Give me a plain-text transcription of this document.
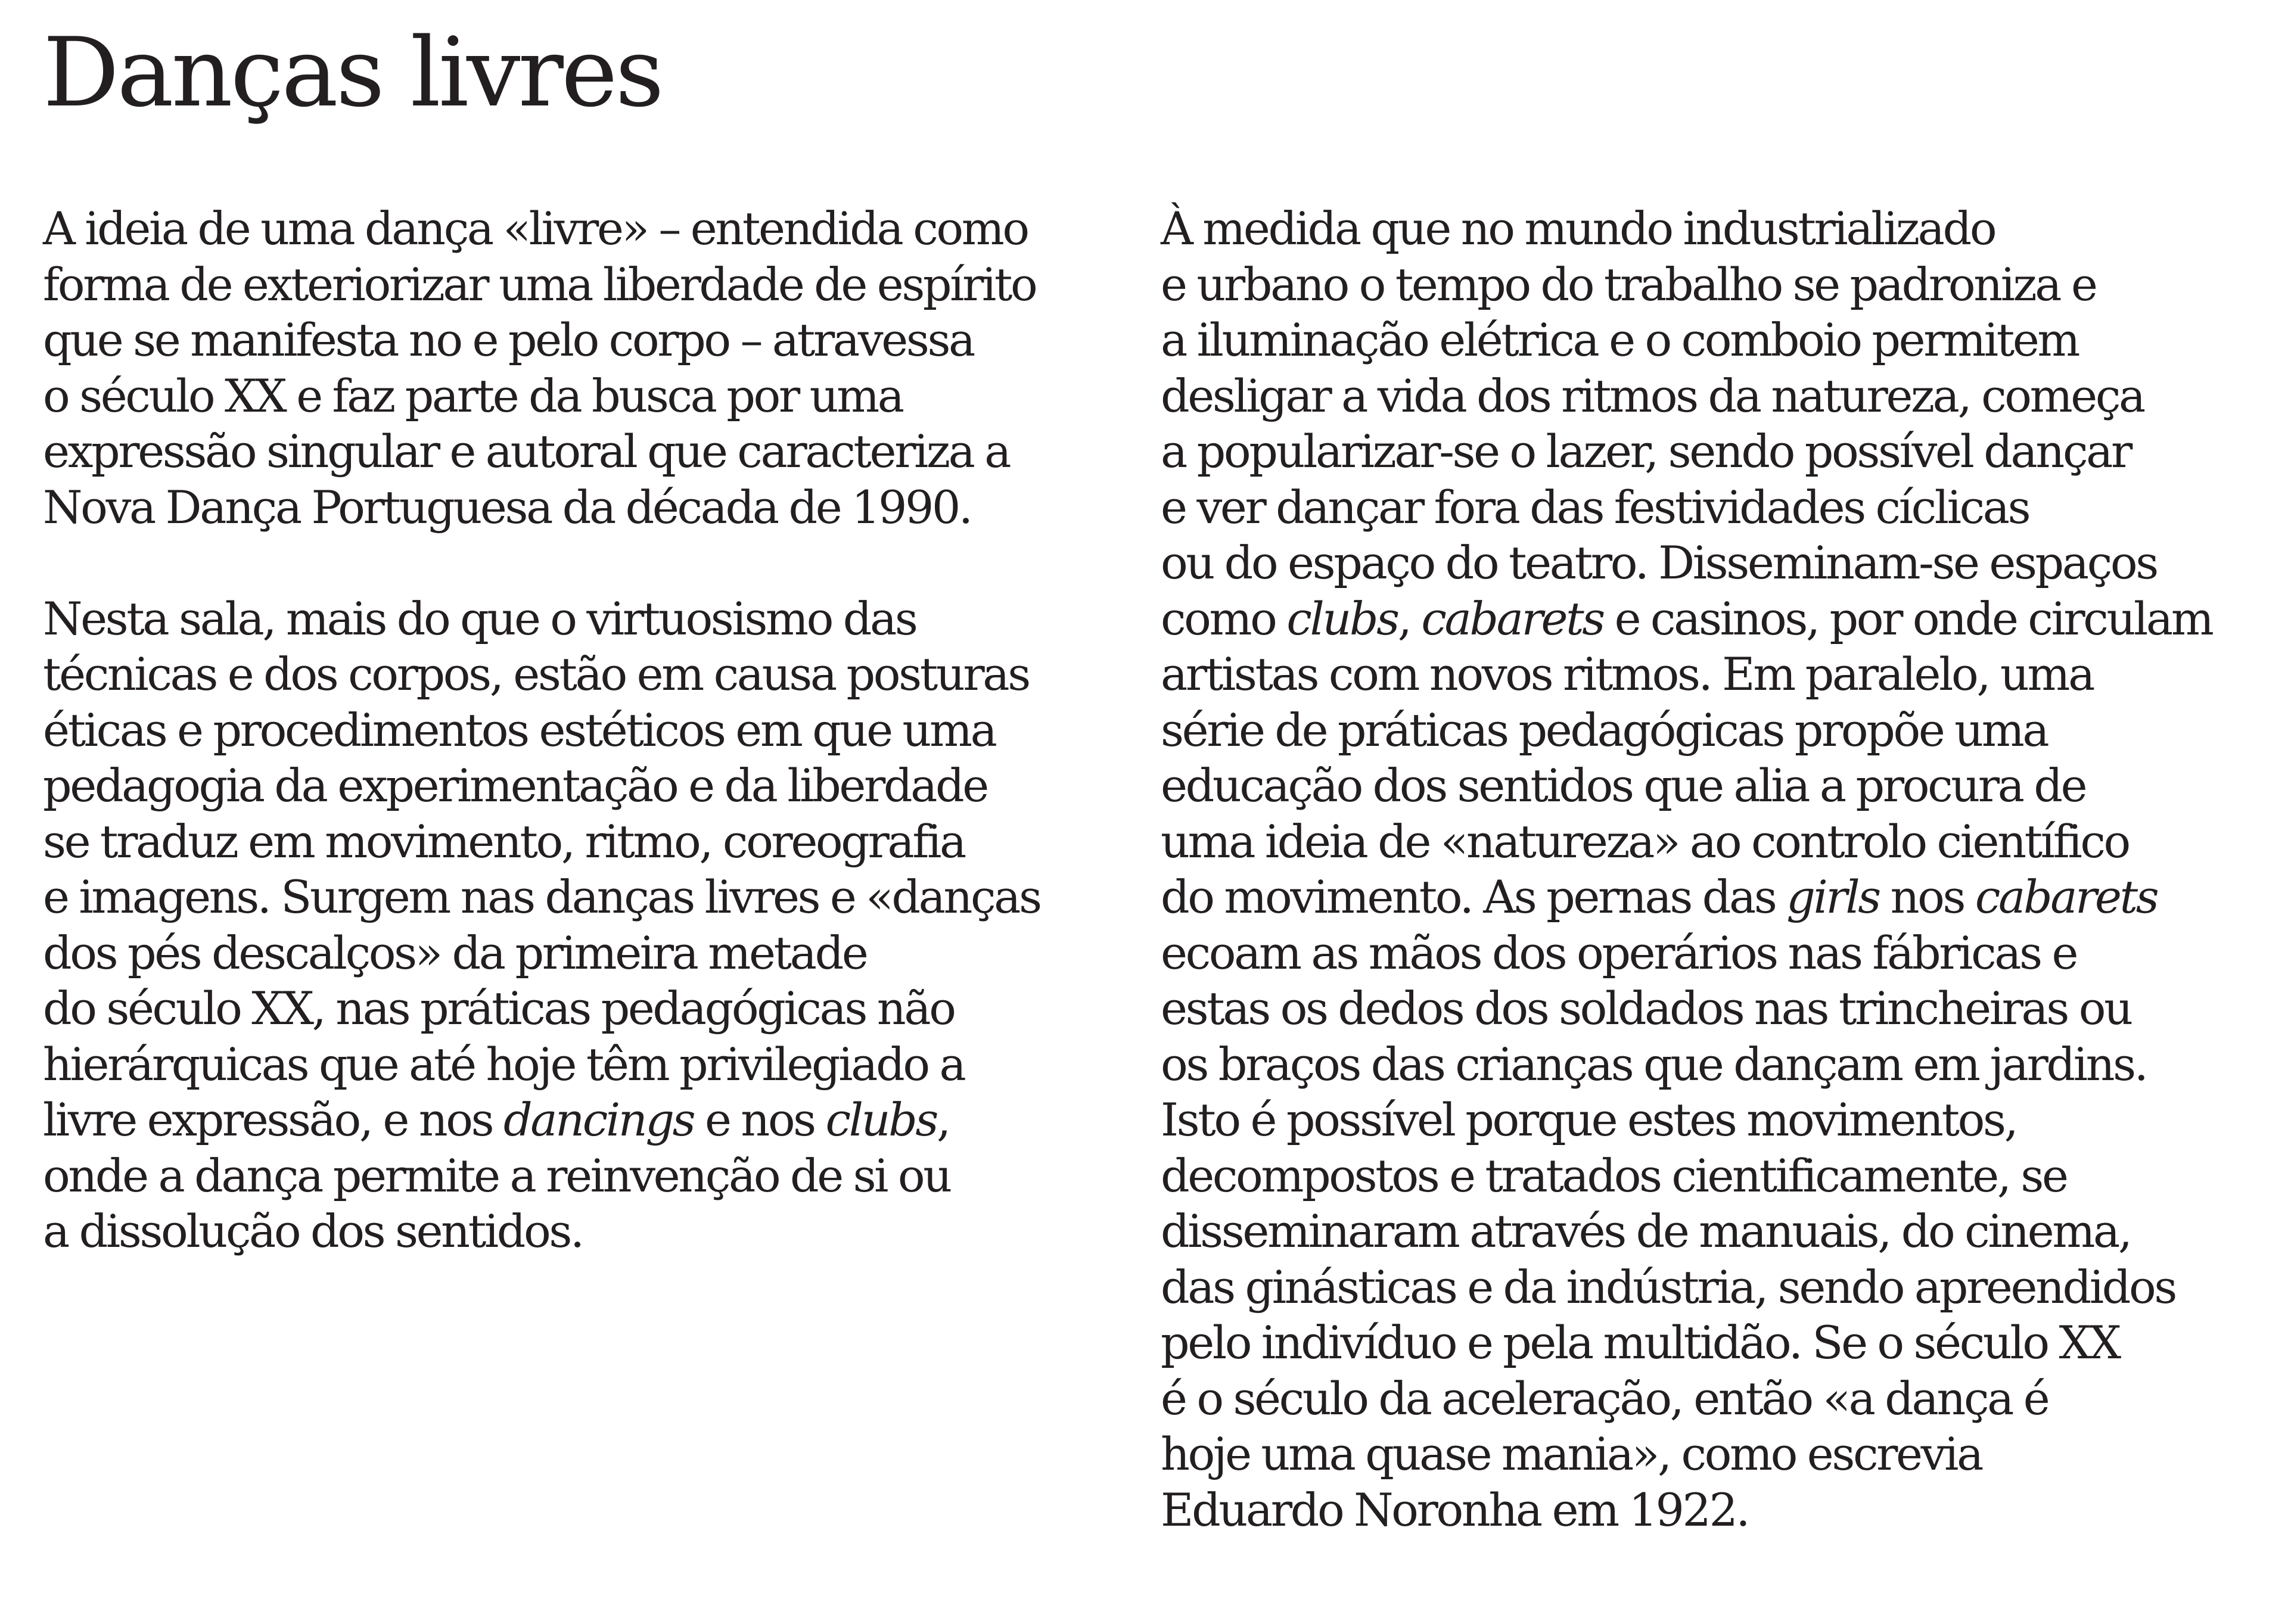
Danças livres
A ideia de uma dança «livre» – entendida como
forma de exteriorizar uma liberdade de espírito
que se manifesta no e pelo corpo – atravessa
o século XX e faz parte da busca por uma
expressão singular e autoral que caracteriza a
Nova Dança Portuguesa da década de 1990.
Nesta sala, mais do que o virtuosismo das
técnicas e dos corpos, estão em causa posturas
éticas e procedimentos estéticos em que uma
pedagogia da experimentação e da liberdade
se traduz em movimento, ritmo, coreografia
e imagens. Surgem nas danças livres e «danças
dos pés descalços» da primeira metade
do século XX, nas práticas pedagógicas não
hierárquicas que até hoje têm privilegiado a
livre expressão, e nos dancings e nos clubs,
onde a dança permite a reinvenção de si ou
a dissolução dos sentidos.
À medida que no mundo industrializado
e urbano o tempo do trabalho se padroniza e
a iluminação elétrica e o comboio permitem
desligar a vida dos ritmos da natureza, começa
a popularizar-se o lazer, sendo possível dançar
e ver dançar fora das festividades cíclicas
ou do espaço do teatro. Disseminam-se espaços
como clubs, cabarets e casinos, por onde circulam
artistas com novos ritmos. Em paralelo, uma
série de práticas pedagógicas propõe uma
educação dos sentidos que alia a procura de
uma ideia de «natureza» ao controlo científico
do movimento. As pernas das girls nos cabarets
ecoam as mãos dos operários nas fábricas e
estas os dedos dos soldados nas trincheiras ou
os braços das crianças que dançam em jardins.
Isto é possível porque estes movimentos,
decompostos e tratados cientificamente, se
disseminaram através de manuais, do cinema,
das ginásticas e da indústria, sendo apreendidos
pelo indivíduo e pela multidão. Se o século XX
é o século da aceleração, então «a dança é
hoje uma quase mania», como escrevia
Eduardo Noronha em 1922.
